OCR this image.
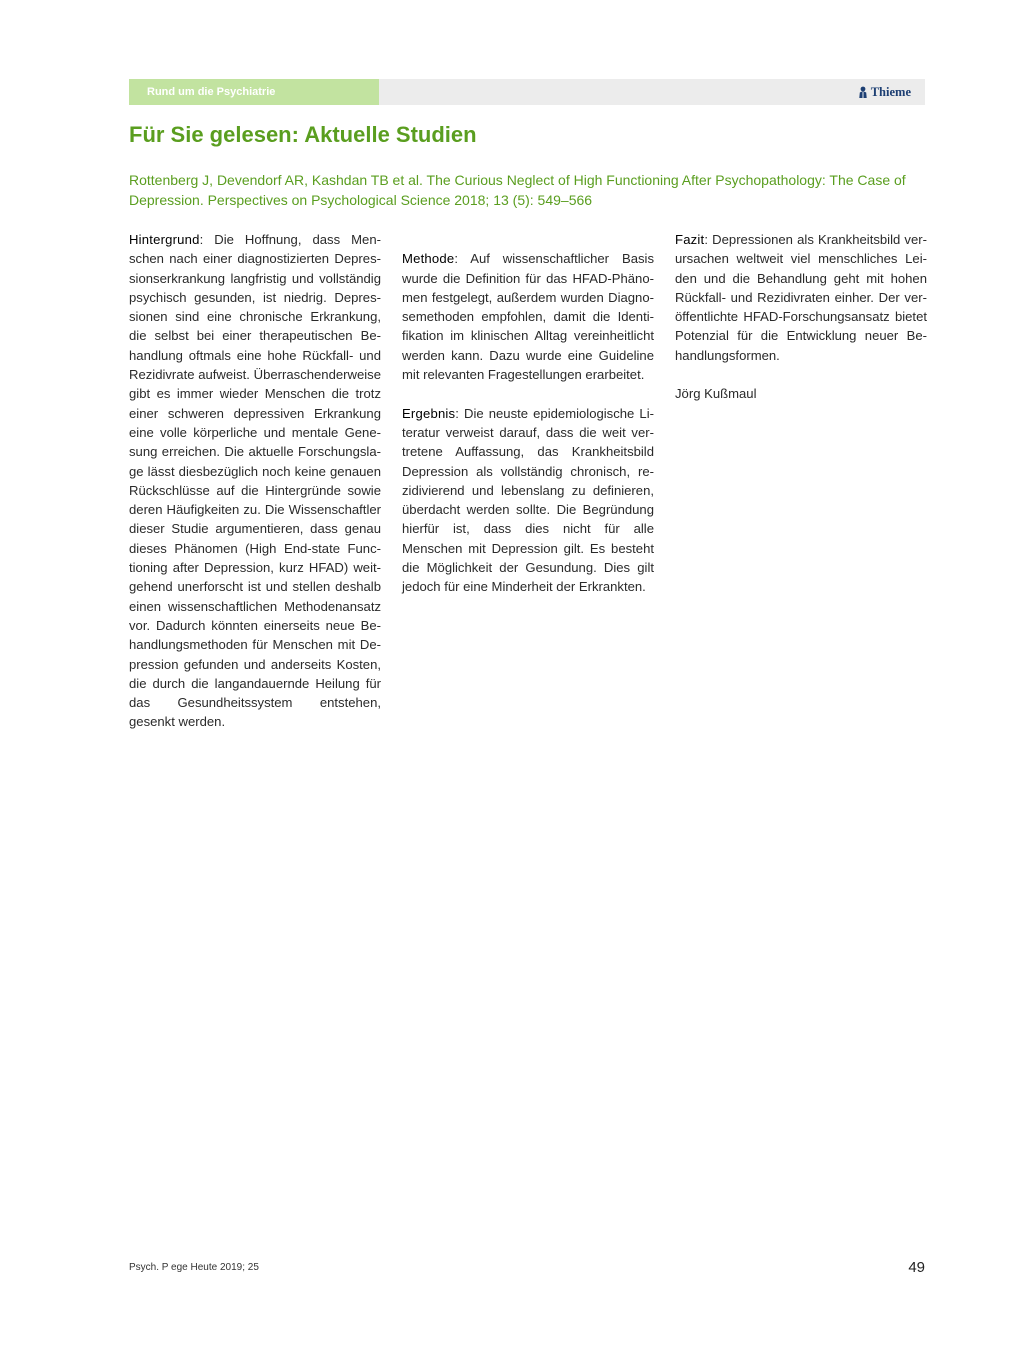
Rund um die Psychiatrie	Thieme
Für Sie gelesen: Aktuelle Studien

Rottenberg J, Devendorf AR, Kashdan TB et al. The Curious Neglect of High Functioning After Psychopathology: The Case of Depression. Perspectives on Psychological Science 2018; 13 (5): 549–566

Hintergrund: Die Hoffnung, dass Menschen nach einer diagnostizierten Depressionserkrankung langfristig und vollständig psychisch gesunden, ist niedrig. Depressionen sind eine chronische Erkrankung, die selbst bei einer therapeutischen Behandlung oftmals eine hohe Rückfall- und Rezidivrate aufweist. Überraschenderweise gibt es immer wieder Menschen die trotz einer schweren depressiven Erkrankung eine volle körperliche und mentale Genesung erreichen. Die aktuelle Forschungslage lässt diesbezüglich noch keine genauen Rückschlüsse auf die Hintergründe sowie deren Häufigkeiten zu. Die Wissenschaftler dieser Studie argumentieren, dass genau dieses Phänomen (High End-state Functioning after Depression, kurz HFAD) weitgehend unerforscht ist und stellen deshalb einen wissenschaftlichen Methodenansatz vor. Dadurch könnten einerseits neue Behandlungsmethoden für Menschen mit Depression gefunden und anderseits Kosten, die durch die langandauernde Heilung für das Gesundheitssystem entstehen, gesenkt werden.

Methode: Auf wissenschaftlicher Basis wurde die Definition für das HFAD-Phänomen festgelegt, außerdem wurden Diagnosemethoden empfohlen, damit die Identifikation im klinischen Alltag vereinheitlicht werden kann. Dazu wurde eine Guideline mit relevanten Fragestellungen erarbeitet.

Ergebnis: Die neuste epidemiologische Literatur verweist darauf, dass die weit vertretene Auffassung, das Krankheitsbild Depression als vollständig chronisch, rezidivierend und lebenslang zu definieren, überdacht werden sollte. Die Begründung hierfür ist, dass dies nicht für alle Menschen mit Depression gilt. Es besteht die Möglichkeit der Gesundung. Dies gilt jedoch für eine Minderheit der Erkrankten.

Fazit: Depressionen als Krankheitsbild verursachen weltweit viel menschliches Leiden und die Behandlung geht mit hohen Rückfall- und Rezidivraten einher. Der veröffentlichte HFAD-Forschungsansatz bietet Potenzial für die Entwicklung neuer Behandlungsformen.

Jörg Kußmaul

Psych. P ege Heute 2019; 25	49
